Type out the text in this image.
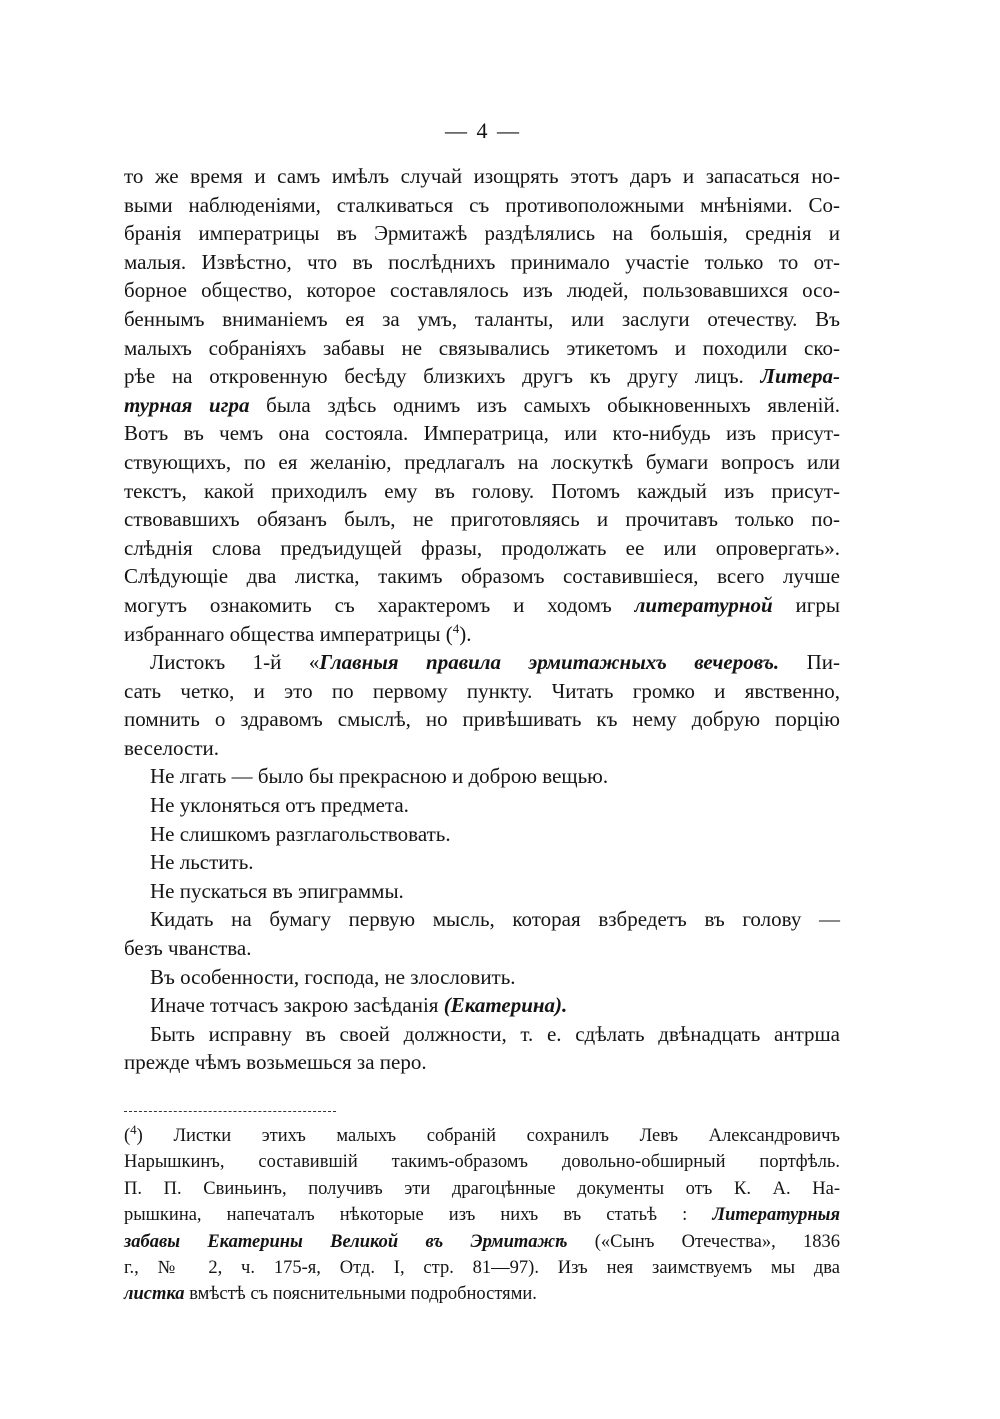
— 4 —

то же время и самъ имѣлъ случай изощрять этотъ даръ и запасаться но-

выми наблюденіями, сталкиваться съ противоположными мнѣніями. Со-

бранія императрицы въ Эрмитажѣ раздѣлялись на большія, среднія и

малыя. Извѣстно, что въ послѣднихъ принимало участіе только то от-

борное общество, которое составлялось изъ людей, пользовавшихся осо-

беннымъ вниманіемъ ея за умъ, таланты, или заслуги отечеству. Въ

малыхъ собраніяхъ забавы не связывались этикетомъ и походили ско-

рѣе на откровенную бесѣду близкихъ другъ къ другу лицъ. Литера-

турная игра была здѣсь однимъ изъ самыхъ обыкновенныхъ явленій.

Вотъ въ чемъ она состояла. Императрица, или кто-нибудь изъ присут-

ствующихъ, по ея желанію, предлагалъ на лоскуткѣ бумаги вопросъ или

текстъ, какой приходилъ ему въ голову. Потомъ каждый изъ присут-

ствовавшихъ обязанъ былъ, не приготовляясь и прочитавъ только по-

слѣднія слова предъидущей фразы, продолжать ее или опровергать».

Слѣдующіе два листка, такимъ образомъ составившіеся, всего лучше

могутъ ознакомить съ характеромъ и ходомъ литературной игры

избраннаго общества императрицы ($^4$).

Листокъ 1-й «Главныя правила эрмитажныхъ вечеровъ. Пи-

сать четко, и это по первому пункту. Читать громко и явственно,

помнить о здравомъ смыслѣ, но привѣшивать къ нему добрую порцію

веселости.

Не лгать — было бы прекрасною и доброю вещью.

Не уклоняться отъ предмета.

Не слишкомъ разглагольствовать.

Не льстить.

Не пускаться въ эпиграммы.

Кидать на бумагу первую мысль, которая взбредетъ въ голову —

безъ чванства.

Въ особенности, господа, не злословить.

Иначе тотчасъ закрою засѣданія (Екатерина).

Быть исправну въ своей должности, т. е. сдѣлать двѣнадцать антрша

прежде чѣмъ возьмешься за перо.

($^4$) Листки этихъ малыхъ собраній сохранилъ Левъ Александровичъ

Нарышкинъ, составившій такимъ-образомъ довольно-обширный портфѣль.

П. П. Свиньинъ, получивъ эти драгоцѣнные документы отъ К. А. На-

рышкина, напечаталъ нѣкоторые изъ нихъ въ статьѣ : Литературныя

забавы Екатерины Великой въ Эрмитажѣ («Сынъ Отечества», 1836

г., № 2, ч. 175-я, Отд. I, стр. 81—97). Изъ нея заимствуемъ мы два

листка вмѣстѣ съ пояснительными подробностями.
